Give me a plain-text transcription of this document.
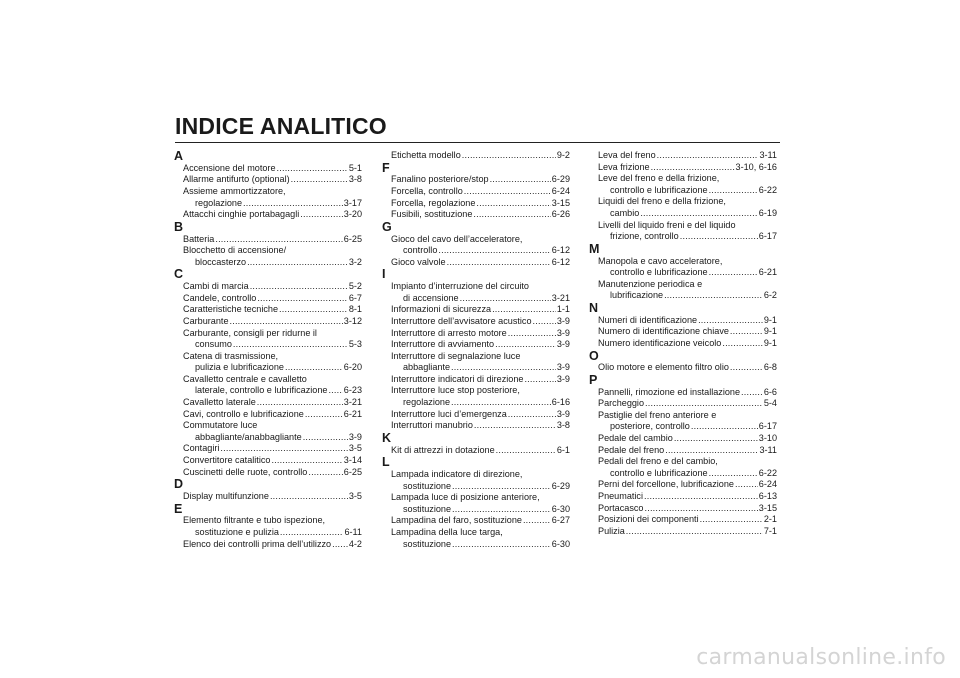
INDICE ANALITICO
A
Accensione del motore .....	5-1
Allarme antifurto (optional) .....	3-8
Assieme ammortizzatore,
regolazione .....	3-17
Attacchi cinghie portabagagli .....	3-20
B
Batteria .....	6-25
Blocchetto di accensione/
bloccasterzo .....	3-2
C
Cambi di marcia .....	5-2
Candele, controllo .....	6-7
Caratteristiche tecniche .....	8-1
Carburante .....	3-12
Carburante, consigli per ridurne il
consumo .....	5-3
Catena di trasmissione,
pulizia e lubrificazione .....	6-20
Cavalletto centrale e cavalletto
laterale, controllo e lubrificazione ..... 6-23
Cavalletto laterale .....	3-21
Cavi, controllo e lubrificazione .....	6-21
Commutatore luce
abbagliante/anabbagliante .....	3-9
Contagiri .....	3-5
Convertitore catalitico .....	3-14
Cuscinetti delle ruote, controllo .....	6-25
D
Display multifunzione .....	3-5
E
Elemento filtrante e tubo ispezione,
sostituzione e pulizia .....	6-11
Elenco dei controlli prima dell’utilizzo ..... 4-2
Etichetta modello .....	9-2
F
Fanalino posteriore/stop .....	6-29
Forcella, controllo .....	6-24
Forcella, regolazione .....	3-15
Fusibili, sostituzione .....	6-26
G
Gioco del cavo dell’acceleratore,
controllo .....	6-12
Gioco valvole .....	6-12
I
Impianto d’interruzione del circuito
di accensione .....	3-21
Informazioni di sicurezza .....	1-1
Interruttore dell’avvisatore acustico .....	3-9
Interruttore di arresto motore .....	3-9
Interruttore di avviamento .....	3-9
Interruttore di segnalazione luce
abbagliante .....	3-9
Interruttore indicatori di direzione .....	3-9
Interruttore luce stop posteriore,
regolazione .....	6-16
Interruttore luci d’emergenza .....	3-9
Interruttori manubrio .....	3-8
K
Kit di attrezzi in dotazione .....	6-1
L
Lampada indicatore di direzione,
sostituzione .....	6-29
Lampada luce di posizione anteriore,
sostituzione .....	6-30
Lampadina del faro, sostituzione .....	6-27
Lampadina della luce targa,
sostituzione .....	6-30
Leva del freno .....	3-11
Leva frizione .....	3-10, 6-16
Leve del freno e della frizione,
controllo e lubrificazione .....	6-22
Liquidi del freno e della frizione,
cambio .....	6-19
Livelli del liquido freni e del liquido
frizione, controllo .....	6-17
M
Manopola e cavo acceleratore,
controllo e lubrificazione .....	6-21
Manutenzione periodica e
lubrificazione .....	6-2
N
Numeri di identificazione .....	9-1
Numero di identificazione chiave .....	9-1
Numero identificazione veicolo .....	9-1
O
Olio motore e elemento filtro olio .....	6-8
P
Pannelli, rimozione ed installazione .....	6-6
Parcheggio .....	5-4
Pastiglie del freno anteriore e
posteriore, controllo .....	6-17
Pedale del cambio .....	3-10
Pedale del freno .....	3-11
Pedali del freno e del cambio,
controllo e lubrificazione .....	6-22
Perni del forcellone, lubrificazione .....	6-24
Pneumatici .....	6-13
Portacasco .....	3-15
Posizioni dei componenti .....	2-1
Pulizia .....	7-1
carmanualsonline.info
